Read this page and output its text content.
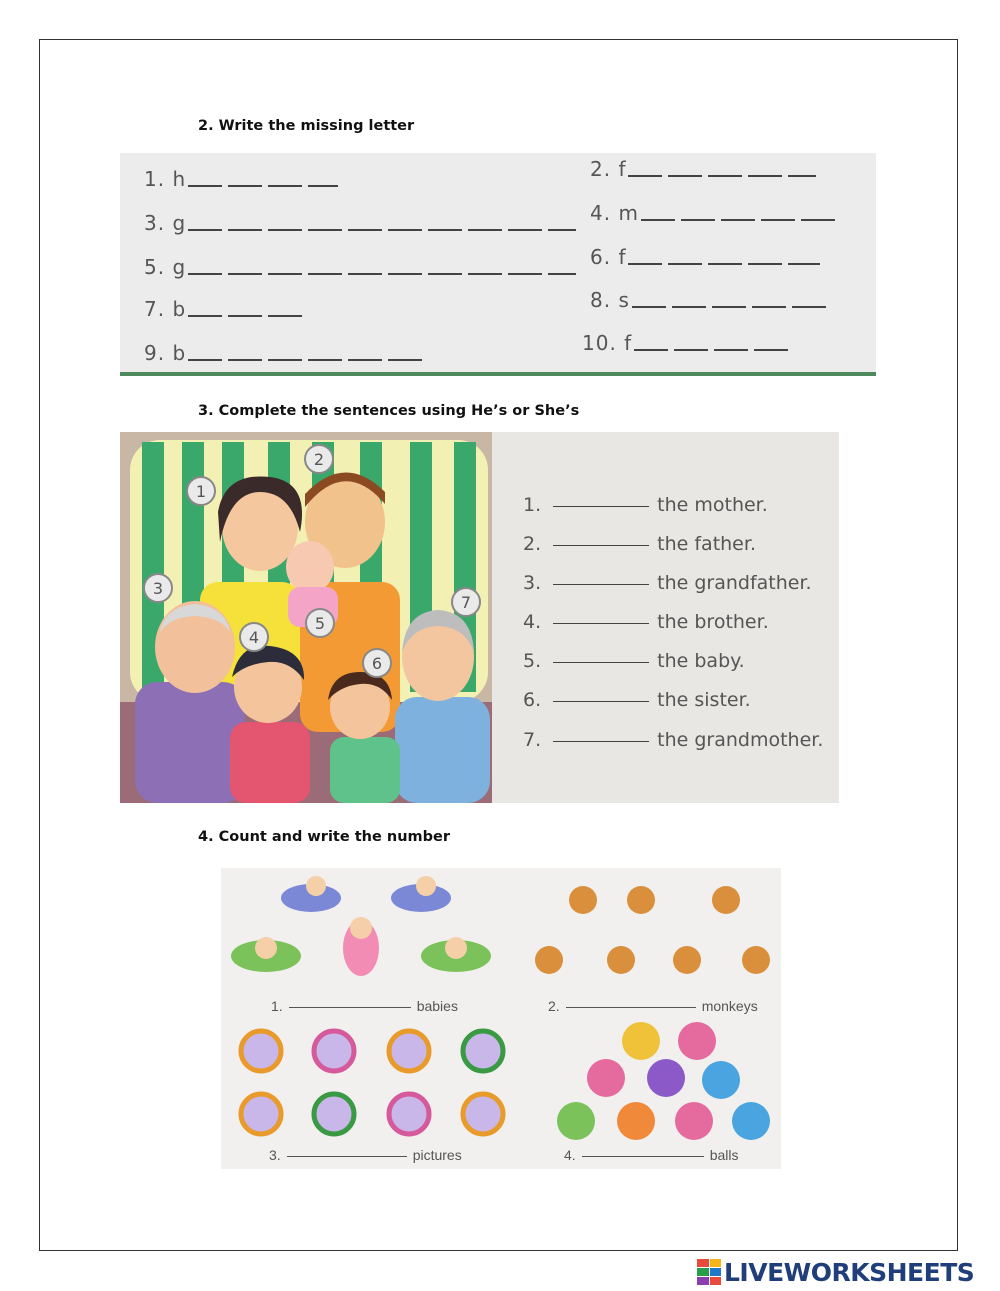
2. Write the missing letter
1. h	2. f
3. g	4. m
5. g	6. f
7. b	8. s
9. b	10. f
3. Complete the sentences using He’s or She’s
1
2
3
4
5
6
7
1.	the mother.
2.	the father.
3.	the grandfather.
4.	the brother.
5.	the baby.
6.	the sister.
7.	the grandmother.
4. Count and write the number
1.	babies	2.	monkeys
3.	pictures	4.	balls
LIVEWORKSHEETS
